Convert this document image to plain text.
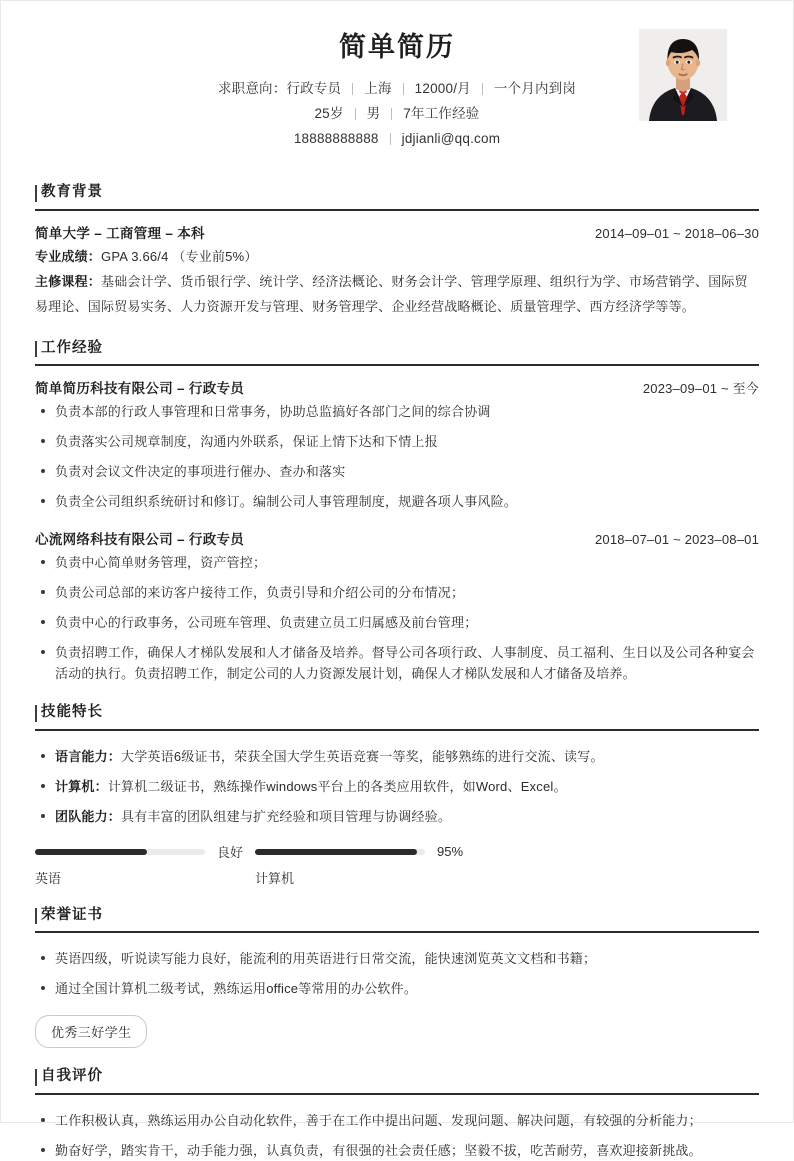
简单简历
求职意向：行政专员 上海 12000/月 一个月内到岗
25岁 男 7年工作经验
18888888888 jdjianli@qq.com
教育背景
简单大学 – 工商管理 – 本科	2014–09–01 ~ 2018–06–30
专业成绩：GPA 3.66/4 （专业前5%）
主修课程：基础会计学、货币银行学、统计学、经济法概论、财务会计学、管理学原理、组织行为学、市场营销学、国际贸易理论、国际贸易实务、人力资源开发与管理、财务管理学、企业经营战略概论、质量管理学、西方经济学等等。
工作经验
简单简历科技有限公司 – 行政专员	2023–09–01 ~ 至今
负责本部的行政人事管理和日常事务，协助总监搞好各部门之间的综合协调
负责落实公司规章制度，沟通内外联系，保证上情下达和下情上报
负责对会议文件决定的事项进行催办、查办和落实
负责全公司组织系统研讨和修订。编制公司人事管理制度，规避各项人事风险。
心流网络科技有限公司 – 行政专员	2018–07–01 ~ 2023–08–01
负责中心简单财务管理，资产管控；
负责公司总部的来访客户接待工作，负责引导和介绍公司的分布情况；
负责中心的行政事务，公司班车管理、负责建立员工归属感及前台管理；
负责招聘工作，确保人才梯队发展和人才储备及培养。督导公司各项行政、人事制度、员工福利、生日以及公司各种宴会活动的执行。负责招聘工作，制定公司的人力资源发展计划，确保人才梯队发展和人才储备及培养。
技能特长
语言能力：大学英语6级证书，荣获全国大学生英语竞赛一等奖，能够熟练的进行交流、读写。
计算机：计算机二级证书，熟练操作windows平台上的各类应用软件，如Word、Excel。
团队能力：具有丰富的团队组建与扩充经验和项目管理与协调经验。
良好
英语
95%
计算机
荣誉证书
英语四级，听说读写能力良好，能流利的用英语进行日常交流，能快速浏览英文文档和书籍；
通过全国计算机二级考试，熟练运用office等常用的办公软件。
优秀三好学生
自我评价
工作积极认真，熟练运用办公自动化软件，善于在工作中提出问题、发现问题、解决问题，有较强的分析能力；
勤奋好学，踏实肯干，动手能力强，认真负责，有很强的社会责任感；坚毅不拔，吃苦耐劳，喜欢迎接新挑战。
